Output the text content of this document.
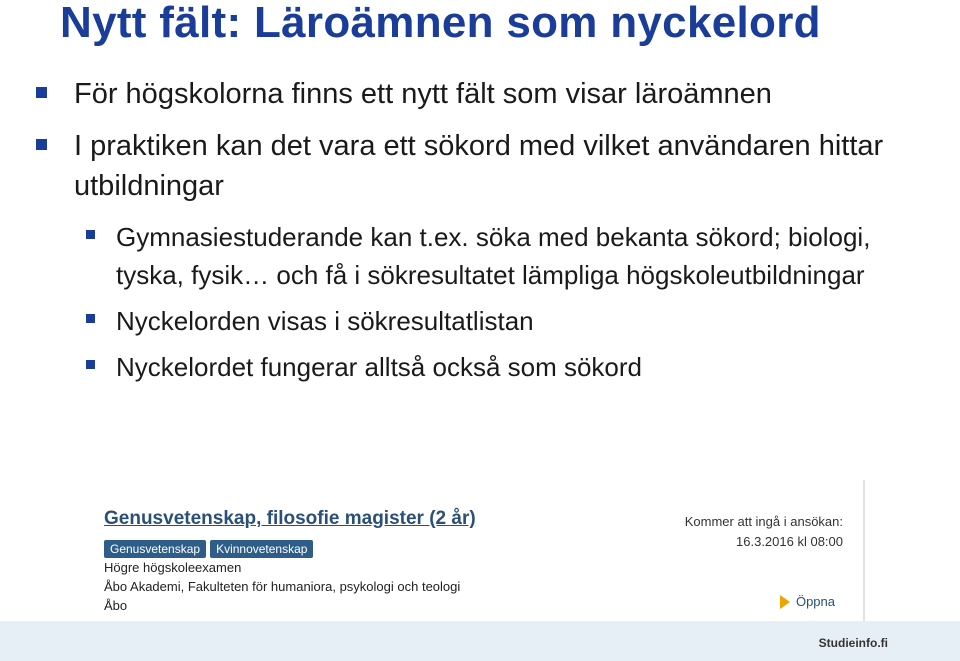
Nytt fält: Läroämnen som nyckelord
För högskolorna finns ett nytt fält som visar läroämnen
I praktiken kan det vara ett sökord med vilket användaren hittar utbildningar
Gymnasiestuderande kan t.ex. söka med bekanta sökord; biologi, tyska, fysik… och få i sökresultatet lämpliga högskoleutbildningar
Nyckelorden visas i sökresultatlistan
Nyckelordet fungerar alltså också som sökord
Genusvetenskap, filosofie magister (2 år)
Genusvetenskap	Kvinnovetenskap
Högre högskoleexamen
Åbo Akademi, Fakulteten för humaniora, psykologi och teologi
Åbo
Kommer att ingå i ansökan:
16.3.2016 kl 08:00
Öppna
Studieinfo.fi
